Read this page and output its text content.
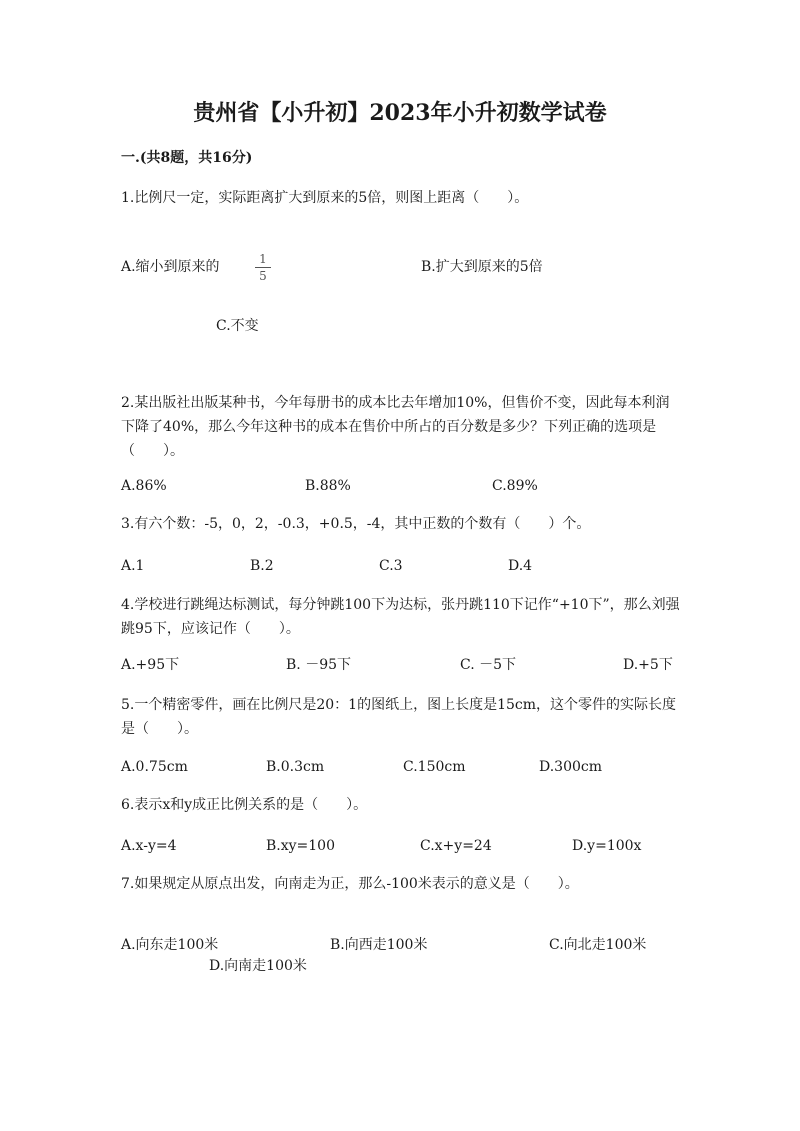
贵州省【小升初】2023年小升初数学试卷
一.(共8题，共16分)
1.比例尺一定，实际距离扩大到原来的5倍，则图上距离（　　）。
A.缩小到原来的	1
5
B.扩大到原来的5倍
C.不变
2.某出版社出版某种书，今年每册书的成本比去年增加10%，但售价不变，因此每本利润下降了40%，那么今年这种书的成本在售价中所占的百分数是多少？下列正确的选项是（　　）。
A.86%	B.88%	C.89%
3.有六个数：-5，0，2，-0.3，+0.5，-4，其中正数的个数有（　　）个。
A.1	B.2	C.3	D.4
4.学校进行跳绳达标测试，每分钟跳100下为达标，张丹跳110下记作“+10下”，那么刘强跳95下，应该记作（　　）。
A.+95下	B. －95下	C. －5下	D.+5下
5.一个精密零件，画在比例尺是20：1的图纸上，图上长度是15cm，这个零件的实际长度是（　　）。
A.0.75cm	B.0.3cm	C.150cm	D.300cm
6.表示x和y成正比例关系的是（　　）。
A.x-y=4	B.xy=100	C.x+y=24	D.y=100x
7.如果规定从原点出发，向南走为正，那么-100米表示的意义是（　　）。
A.向东走100米	B.向西走100米	C.向北走100米
D.向南走100米
